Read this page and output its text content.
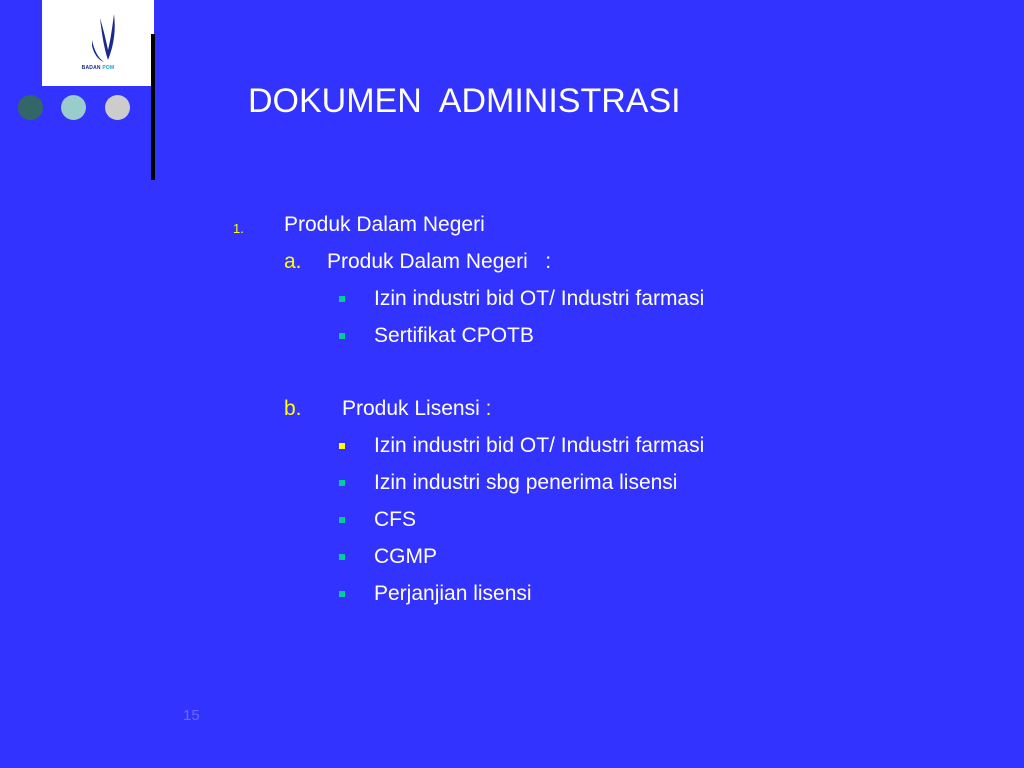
BADAN POM
DOKUMEN  ADMINISTRASI
1. Produk Dalam Negeri
a. Produk Dalam Negeri   :
Izin industri bid OT/ Industri farmasi
Sertifikat CPOTB
b. Produk Lisensi :
Izin industri bid OT/ Industri farmasi
Izin industri sbg penerima lisensi
CFS
CGMP
Perjanjian lisensi
15
